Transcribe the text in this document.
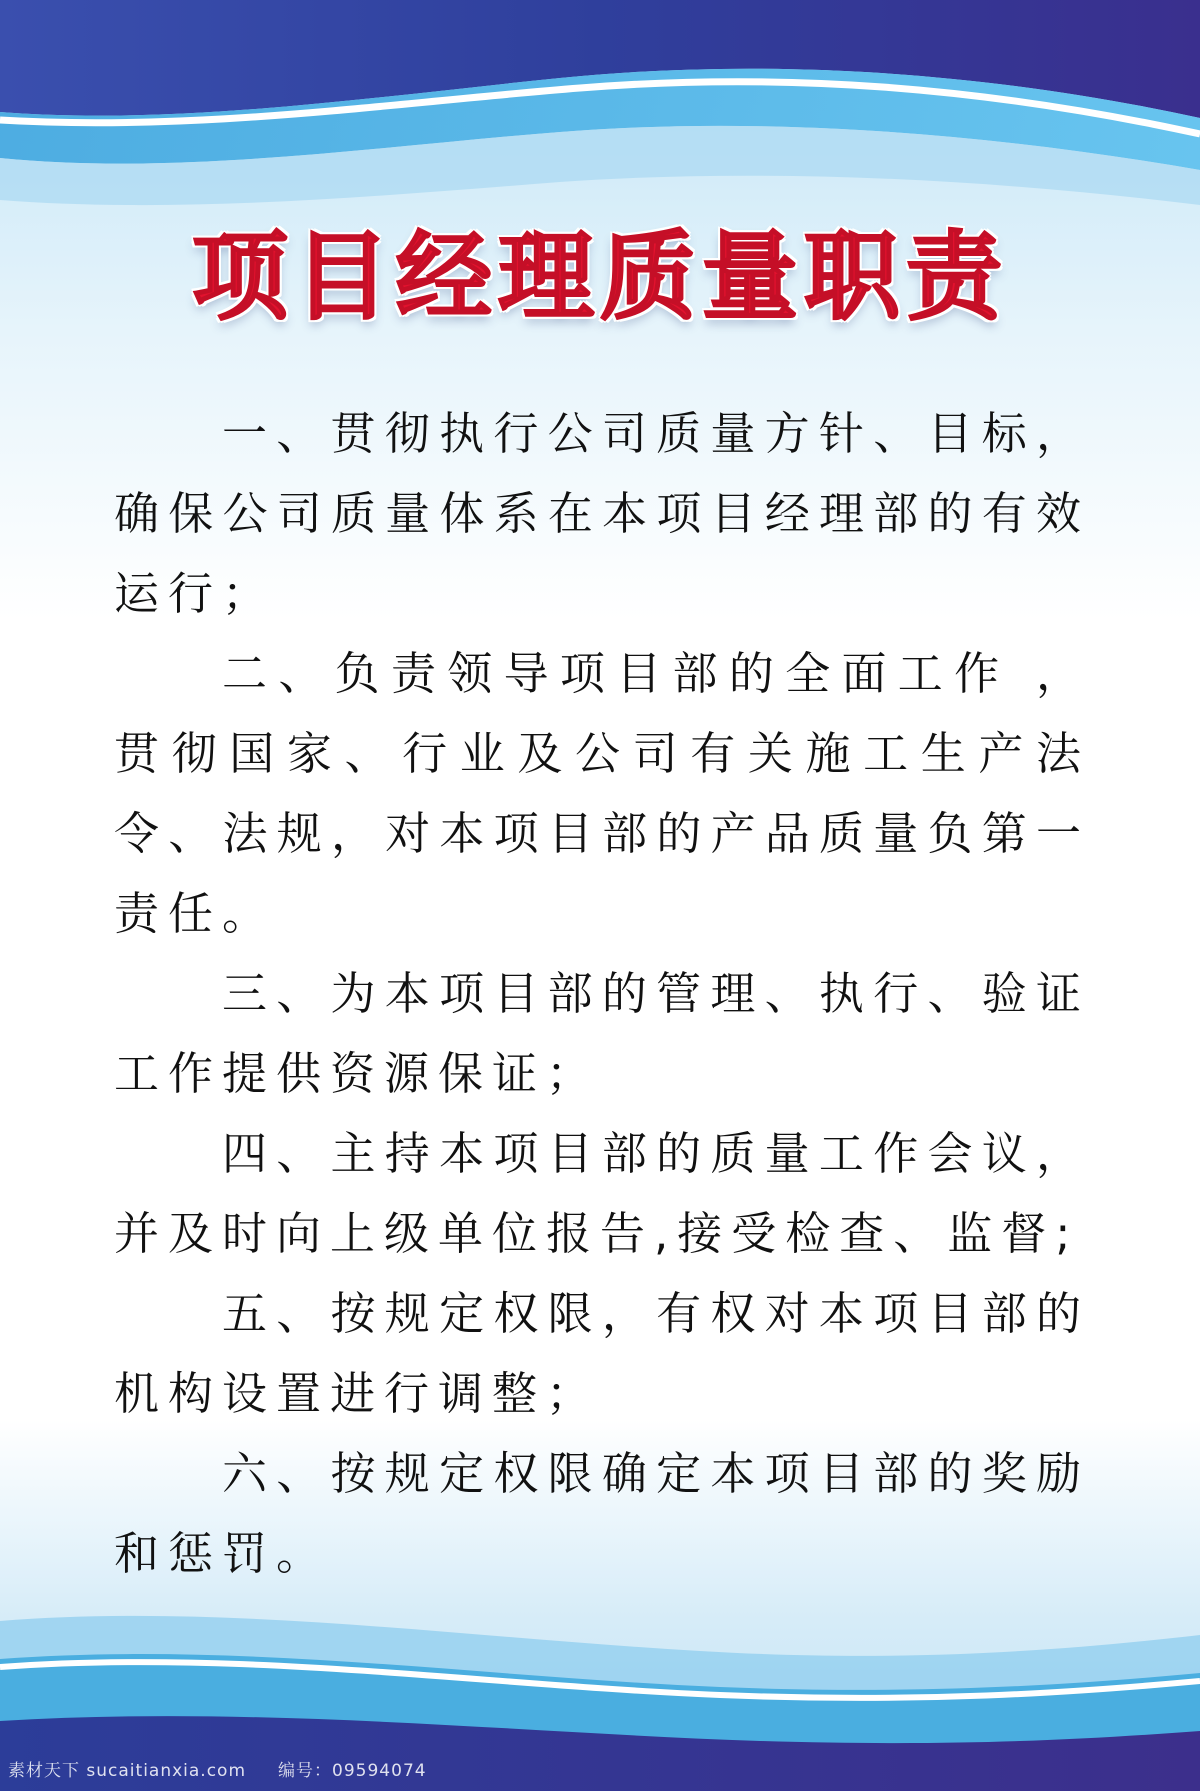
项目经理质量职责

一、贯彻执行公司质量方针、目标，确保公司质量体系在本项目经理部的有效运行；

二、负责领导项目部的全面工作 ，贯彻国家、行业及公司有关施工生产法令、法规，对本项目部的产品质量负第一责任。

三、为本项目部的管理、执行、验证工作提供资源保证；

四、主持本项目部的质量工作会议，并及时向上级单位报告,接受检查、监督;

五、按规定权限，有权对本项目部的机构设置进行调整；

六、按规定权限确定本项目部的奖励和惩罚。

素材天下 sucaitianxia.com 编号：09594074
